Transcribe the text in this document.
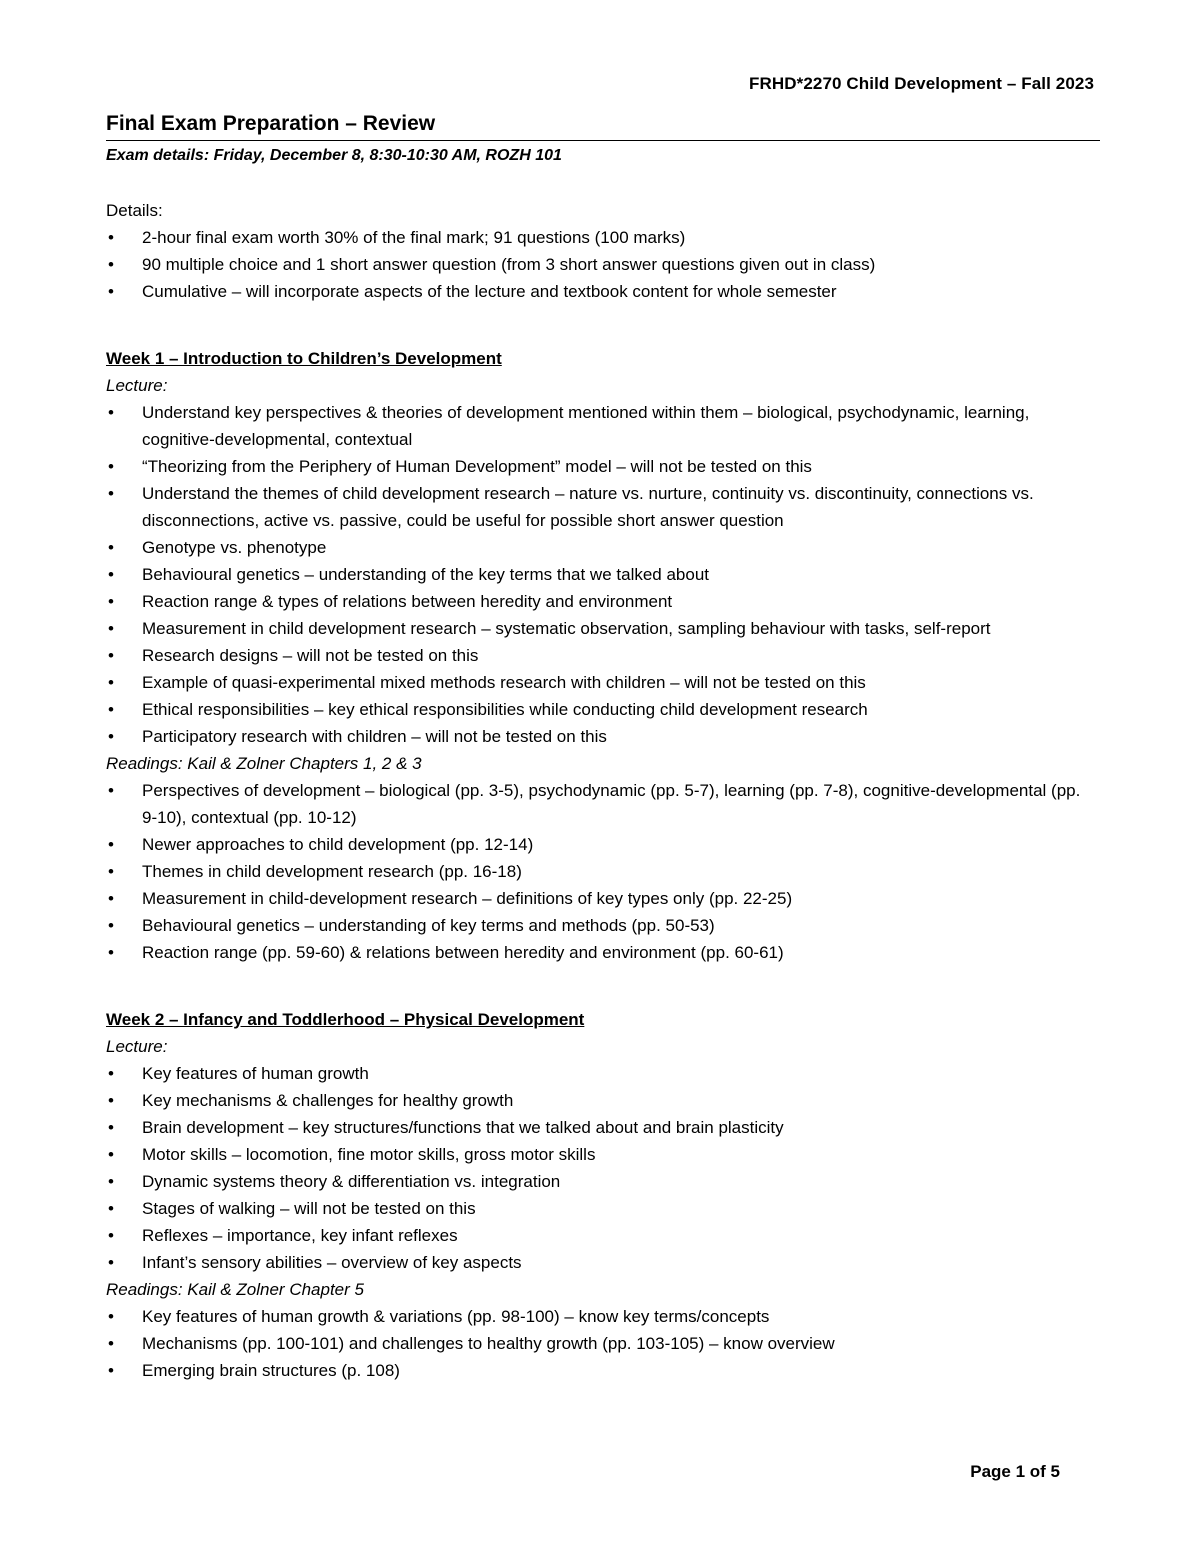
FRHD*2270 Child Development – Fall 2023
Final Exam Preparation – Review
Exam details: Friday, December 8, 8:30-10:30 AM, ROZH 101
Details:
• 2-hour final exam worth 30% of the final mark; 91 questions (100 marks)
• 90 multiple choice and 1 short answer question (from 3 short answer questions given out in class)
• Cumulative – will incorporate aspects of the lecture and textbook content for whole semester
Week 1 – Introduction to Children’s Development
Lecture:
• Understand key perspectives & theories of development mentioned within them – biological, psychodynamic, learning, cognitive-developmental, contextual
• “Theorizing from the Periphery of Human Development” model – will not be tested on this
• Understand the themes of child development research – nature vs. nurture, continuity vs. discontinuity, connections vs. disconnections, active vs. passive, could be useful for possible short answer question
• Genotype vs. phenotype
• Behavioural genetics – understanding of the key terms that we talked about
• Reaction range & types of relations between heredity and environment
• Measurement in child development research – systematic observation, sampling behaviour with tasks, self-report
• Research designs – will not be tested on this
• Example of quasi-experimental mixed methods research with children – will not be tested on this
• Ethical responsibilities – key ethical responsibilities while conducting child development research
• Participatory research with children – will not be tested on this
Readings: Kail & Zolner Chapters 1, 2 & 3
• Perspectives of development – biological (pp. 3-5), psychodynamic (pp. 5-7), learning (pp. 7-8), cognitive-developmental (pp. 9-10), contextual (pp. 10-12)
• Newer approaches to child development (pp. 12-14)
• Themes in child development research (pp. 16-18)
• Measurement in child-development research – definitions of key types only (pp. 22-25)
• Behavioural genetics – understanding of key terms and methods (pp. 50-53)
• Reaction range (pp. 59-60) & relations between heredity and environment (pp. 60-61)
Week 2 – Infancy and Toddlerhood – Physical Development
Lecture:
• Key features of human growth
• Key mechanisms & challenges for healthy growth
• Brain development – key structures/functions that we talked about and brain plasticity
• Motor skills – locomotion, fine motor skills, gross motor skills
• Dynamic systems theory & differentiation vs. integration
• Stages of walking – will not be tested on this
• Reflexes – importance, key infant reflexes
• Infant’s sensory abilities – overview of key aspects
Readings: Kail & Zolner Chapter 5
• Key features of human growth & variations (pp. 98-100) – know key terms/concepts
• Mechanisms (pp. 100-101) and challenges to healthy growth (pp. 103-105) – know overview
• Emerging brain structures (p. 108)
Page 1 of 5
